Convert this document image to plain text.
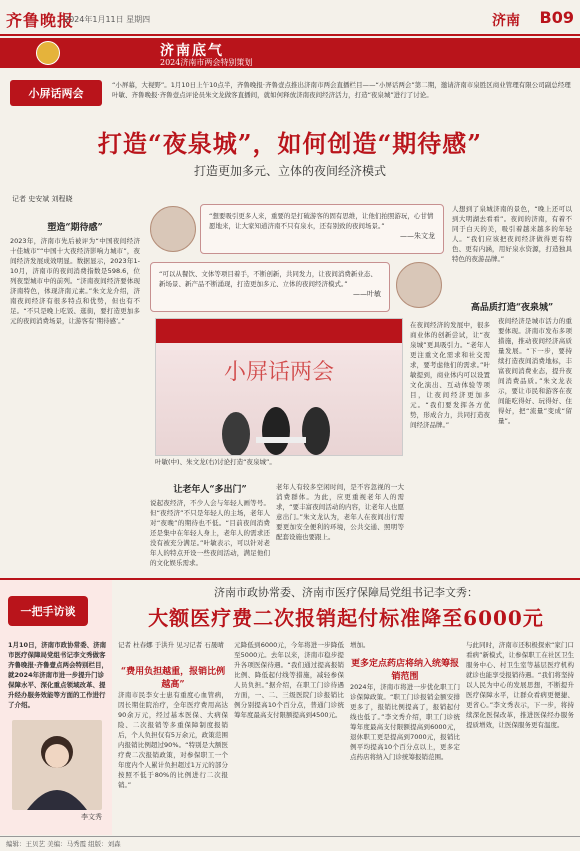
齐鲁晚报
2024年1月11日 星期四	济南 B09
济南底气
2024济南市两会特别策划
小屏话两会
“小屏幕，大视野”。1月10日上午10点半，齐鲁晚报·齐鲁壹点推出济南市两会直播栏目——“小屏话两会”第二期，邀请济南市泉胜区商业管理有限公司副总经理叶敏、齐鲁晚报·齐鲁壹点评论员朱文龙做客直播间，就如何释放济南夜间经济活力，打造“夜泉城”进行了讨论。
打造“夜泉城”，如何创造“期待感”
打造更加多元、立体的夜间经济模式
记者 史安斌 刘程晓
塑造“期待感”
2023年，济南市先后被评为“中国夜间经济十佳城市”“中国十大夜经济影响力城市”，夜间经济发展成效明显。数据显示，2023年1-10月，济南市的夜间消费指数是598.6，位列夜型城市中的前列。“济南夜间经济要体现济南特色，体现济南元素。”朱文龙介绍，济南夜间经济有很多特点和优势，但也有不足。“不只是晚上吃饭、逛街，要打造更加多元的夜间消费场景，让游客有‘期待感’。”
“想要吸引更多人来，重要的是打破游客的固有思维，让他们拍照游玩，心甘情愿地来，让大家知道济南不只有泉水，还有别致的夜间场景。”
——朱文龙
“可以从餐饮、文体等项目着手，不断创新，共同发力，让夜间消费新业态、新场景、新产品不断涌现，打造更加多元、立体的夜间经济模式。”
——叶敏
在夜间经济的发展中，很多商业体的创新尝试，让“夜泉城”更具吸引力。“老年人更注重文化需求和社交需求，要考虑他们的需求。”叶敏提到，商业体内可以设置文化演出、互动体验等项目，让夜间经济更加多元。“我们要发挥各方优势，形成合力，共同打造夜间经济品牌。”
人想到了泉城济南的景色，“晚上还可以到大明湖去看看”。夜间的济南，有着不同于白天的美，吸引着越来越多的年轻人。“我们应该把夜间经济做得更有特色、更有内涵，用好泉水资源，打造独具特色的夜游品牌。”
高品质打造“夜泉城”
夜间经济是城市活力的重要体现。济南市发布多项措施，推动夜间经济高质量发展。“下一步，要持续打造夜间消费地标，丰富夜间消费业态，提升夜间消费品质。”朱文龙表示，要让市民和游客在夜间能吃得好、玩得好、住得好，把“流量”变成“留量”。
小屏话两会
叶敏(中)、朱文龙(右)讨论打造“夜泉城”。
让老年人“多出门”
说起夜经济，不少人会与年轻人画等号。但“夜经济”不只是年轻人的主场，老年人对“夜晚”的期待也不低。“目前夜间消费还是集中在年轻人身上，老年人的需求还没有被充分满足。”叶敏表示，可以针对老年人的特点开设一些夜间活动，满足他们的文化娱乐需求。
老年人有较多空闲时间，是不容忽视的一大消费群体。为此，应更重视老年人的需求，“要丰富夜间活动的内容，让老年人也愿意出门。”朱文龙认为，老年人在夜间出行需要更加安全便利的环境，公共交通、照明等配套设施也要跟上。
一把手访谈
1月10日，济南市政协常委、济南市医疗保障局党组书记李文秀做客齐鲁晚报·齐鲁壹点两会特别栏目，就2024年济南市进一步提升门诊保障水平、深化重点领域改革、提升经办服务效能等方面的工作进行了介绍。
李文秀
济南市政协常委、济南市医疗保障局党组书记李文秀：
大额医疗费二次报销起付标准降至6000元
记者 杜春娜 于洪升 见习记者 石晟晴
“费用负担越重，报销比例越高”
济南市民李女士患有重度心血管病，因长期住院治疗，全年医疗费用高达90余万元，经过基本医保、大病保险、二次报销等多重保障制度报销后，个人负担仅有5万余元，政策范围内报销比例超过90%。“特别是大额医疗费二次报销政策，对参保职工一个年度内个人累计负担超过1万元的部分按照不低于80%的比例进行二次报销。”
元降低到6000元，今年将进一步降低至5000元。去年以来，济南市稳步提升各项医保待遇。“我们通过提高报销比例、降低起付线等措施，减轻参保人员负担。”据介绍，在职工门诊待遇方面，一、二、三级医院门诊报销比例分别提高10个百分点，普通门诊统筹年度最高支付限额提高到4500元。
增加。
更多定点药店将纳入统筹报销范围
2024年，济南市将进一步优化职工门诊保障政策。“职工门诊报销金额安排更多了，报销比例提高了，报销起付线也低了。”李文秀介绍，职工门诊统筹年度最高支付限额提高到6000元，退休职工更是提高到7000元，报销比例平均提高10个百分点以上，更多定点药店将纳入门诊统筹报销范围。
与此同时，济南市还积极探索“家门口看病”新模式，让参保职工在社区卫生服务中心、村卫生室等基层医疗机构就诊也能享受报销待遇。“我们将坚持以人民为中心的发展思想，不断提升医疗保障水平，让群众看病更便捷、更省心。”李文秀表示，下一步，将持续深化医保改革，推进医保经办服务提质增效，让医保服务更有温度。
编辑：王贝艺 美编：马秀霞 组版：刘森
